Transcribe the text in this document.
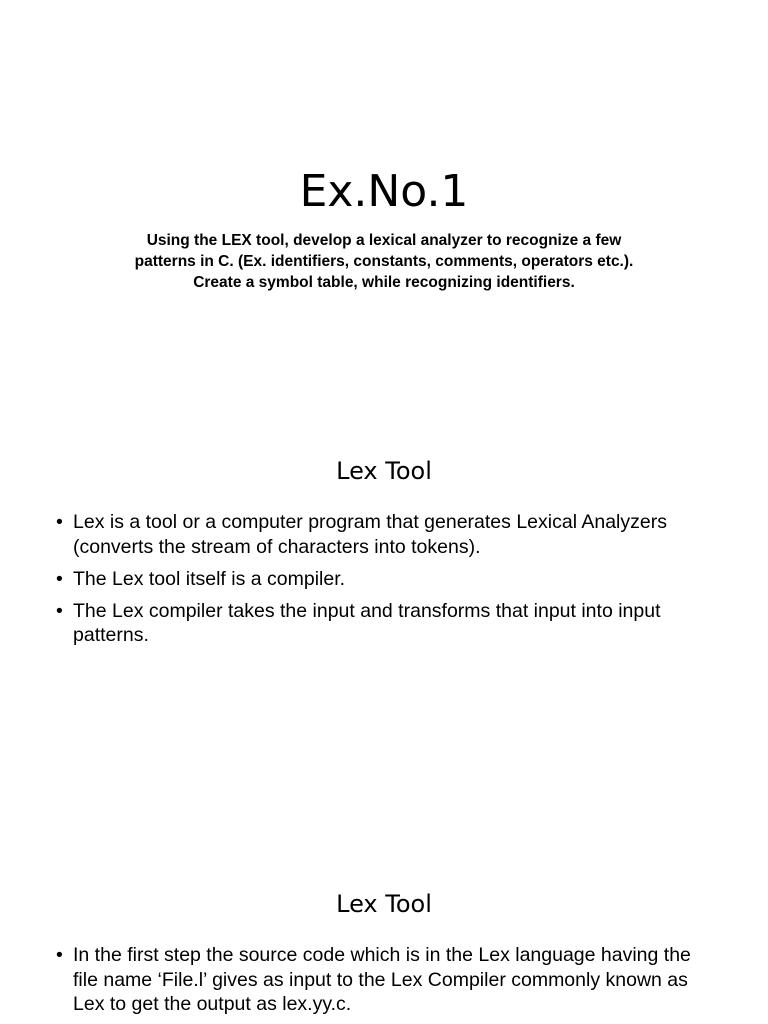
Ex.No.1

Using the LEX tool, develop a lexical analyzer to recognize a few
patterns in C. (Ex. identifiers, constants, comments, operators etc.).
Create a symbol table, while recognizing identifiers.

Lex Tool
• Lex is a tool or a computer program that generates Lexical Analyzers (converts the stream of characters into tokens).
• The Lex tool itself is a compiler.
• The Lex compiler takes the input and transforms that input into input patterns.
Lex Tool
• In the first step the source code which is in the Lex language having the file name ‘File.l’ gives as input to the Lex Compiler commonly known as Lex to get the output as lex.yy.c.
